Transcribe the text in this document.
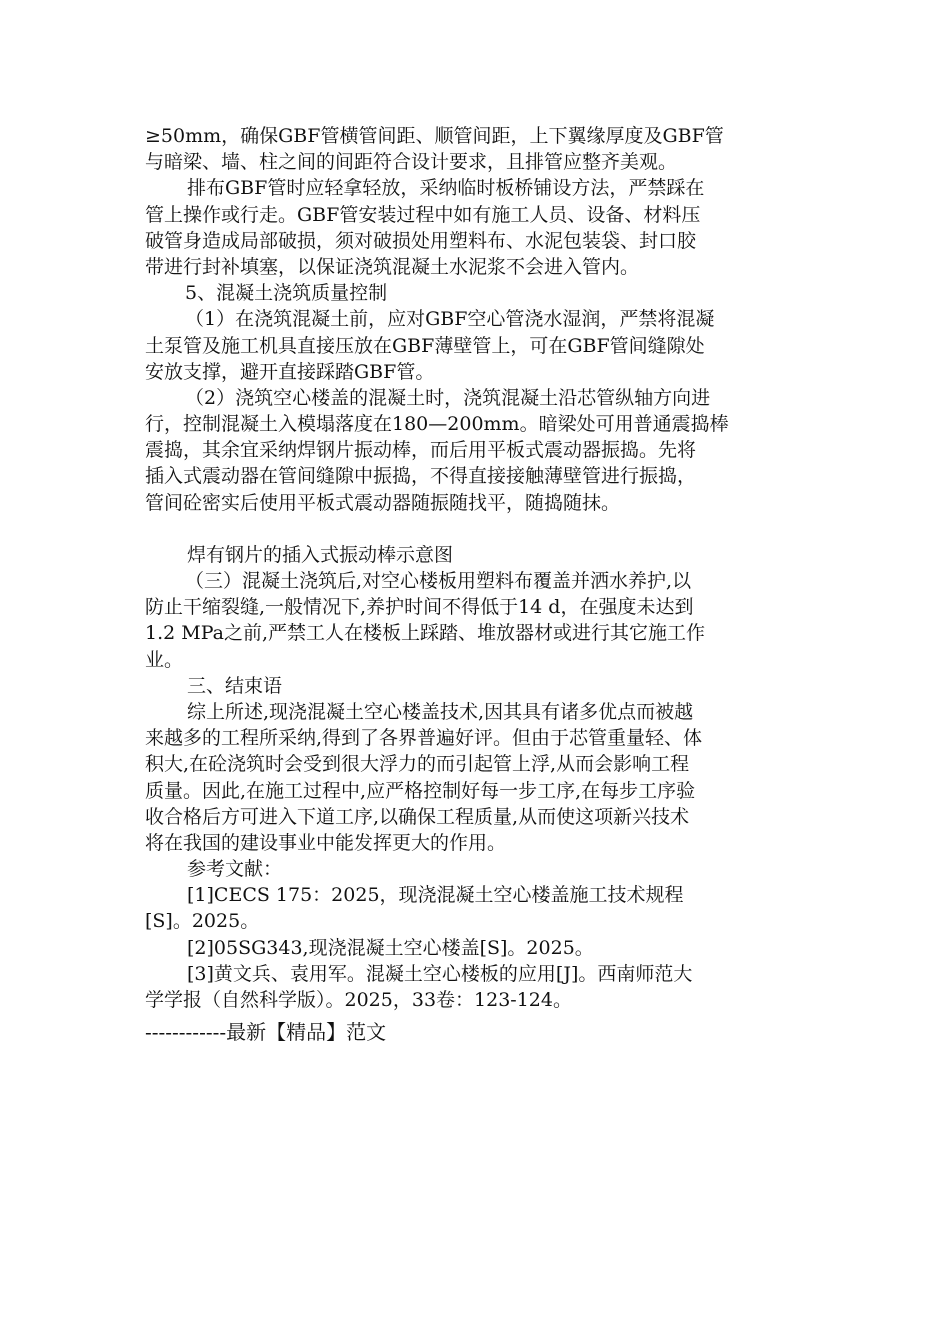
≥50mm，确保GBF管横管间距、顺管间距，上下翼缘厚度及GBF管
与暗梁、墙、柱之间的间距符合设计要求，且排管应整齐美观。
排布GBF管时应轻拿轻放，采纳临时板桥铺设方法，严禁踩在
管上操作或行走。GBF管安装过程中如有施工人员、设备、材料压
破管身造成局部破损，须对破损处用塑料布、水泥包装袋、封口胶
带进行封补填塞，以保证浇筑混凝土水泥浆不会进入管内。
5、混凝土浇筑质量控制
（1）在浇筑混凝土前，应对GBF空心管浇水湿润，严禁将混凝
土泵管及施工机具直接压放在GBF薄壁管上，可在GBF管间缝隙处
安放支撑，避开直接踩踏GBF管。
（2）浇筑空心楼盖的混凝土时，浇筑混凝土沿芯管纵轴方向进
行，控制混凝土入模塌落度在180—200mm。暗梁处可用普通震捣棒
震捣，其余宜采纳焊钢片振动棒，而后用平板式震动器振捣。先将
插入式震动器在管间缝隙中振捣，不得直接接触薄壁管进行振捣，
管间砼密实后使用平板式震动器随振随找平，随捣随抹。
焊有钢片的插入式振动棒示意图
（三）混凝土浇筑后,对空心楼板用塑料布覆盖并洒水养护,以
防止干缩裂缝,一般情况下,养护时间不得低于14 d，在强度未达到
1.2 MPa之前,严禁工人在楼板上踩踏、堆放器材或进行其它施工作
业。
三、结束语
综上所述,现浇混凝土空心楼盖技术,因其具有诸多优点而被越
来越多的工程所采纳,得到了各界普遍好评。但由于芯管重量轻、体
积大,在砼浇筑时会受到很大浮力的而引起管上浮,从而会影响工程
质量。因此,在施工过程中,应严格控制好每一步工序,在每步工序验
收合格后方可进入下道工序,以确保工程质量,从而使这项新兴技术
将在我国的建设事业中能发挥更大的作用。
参考文献：
[1]CECS 175：2025，现浇混凝土空心楼盖施工技术规程
[S]。2025。
[2]05SG343,现浇混凝土空心楼盖[S]。2025。
[3]黄文兵、袁用军。混凝土空心楼板的应用[J]。西南师范大
学学报（自然科学版）。2025，33卷：123-124。
------------最新【精品】范文
